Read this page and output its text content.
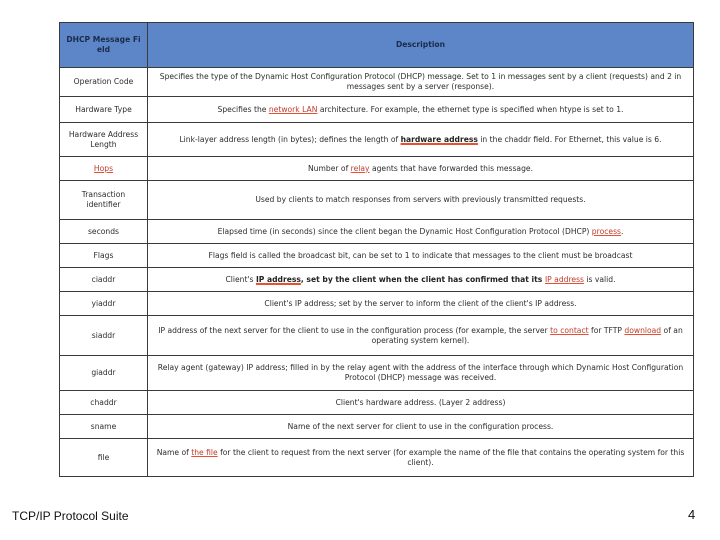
DHCP Message Fi eld	Description
Operation Code	Specifies the type of the Dynamic Host Configuration Protocol (DHCP) message. Set to 1 in messages sent by a client (requests) and 2 in messages sent by a server (response).
Hardware Type	Specifies the network LAN architecture. For example, the ethernet type is specified when htype is set to 1.
Hardware Address Length	Link-layer address length (in bytes); defines the length of hardware address in the chaddr field. For Ethernet, this value is 6.
Hops	Number of relay agents that have forwarded this message.
Transaction identifier	Used by clients to match responses from servers with previously transmitted requests.
seconds	Elapsed time (in seconds) since the client began the Dynamic Host Configuration Protocol (DHCP) process.
Flags	Flags field is called the broadcast bit, can be set to 1 to indicate that messages to the client must be broadcast
ciaddr	Client's IP address, set by the client when the client has confirmed that its IP address is valid.
yiaddr	Client's IP address; set by the server to inform the client of the client's IP address.
siaddr	IP address of the next server for the client to use in the configuration process (for example, the server to contact for TFTP download of an operating system kernel).
giaddr	Relay agent (gateway) IP address; filled in by the relay agent with the address of the interface through which Dynamic Host Configuration Protocol (DHCP) message was received.
chaddr	Client's hardware address. (Layer 2 address)
sname	Name of the next server for client to use in the configuration process.
file	Name of the file for the client to request from the next server (for example the name of the file that contains the operating system for this client).
TCP/IP Protocol Suite	4
